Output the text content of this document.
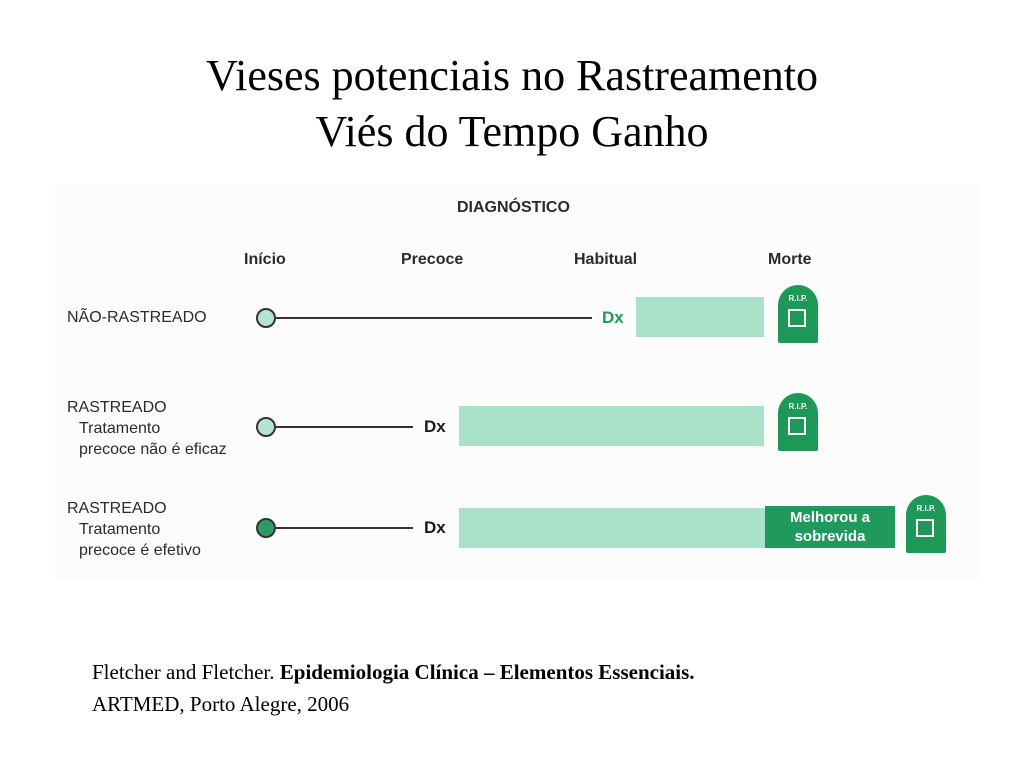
Vieses potenciais no Rastreamento
Viés do Tempo Ganho
DIAGNÓSTICO
Início	Precoce	Habitual	Morte
NÃO-RASTREADO	Dx
R.I.P.
RASTREADO
Tratamento
precoce não é eficaz
Dx
R.I.P.
RASTREADO
Tratamento
precoce é efetivo
Dx
Melhorou a
sobrevida
R.I.P.
Fletcher and Fletcher. Epidemiologia Clínica – Elementos Essenciais.
ARTMED, Porto Alegre, 2006
